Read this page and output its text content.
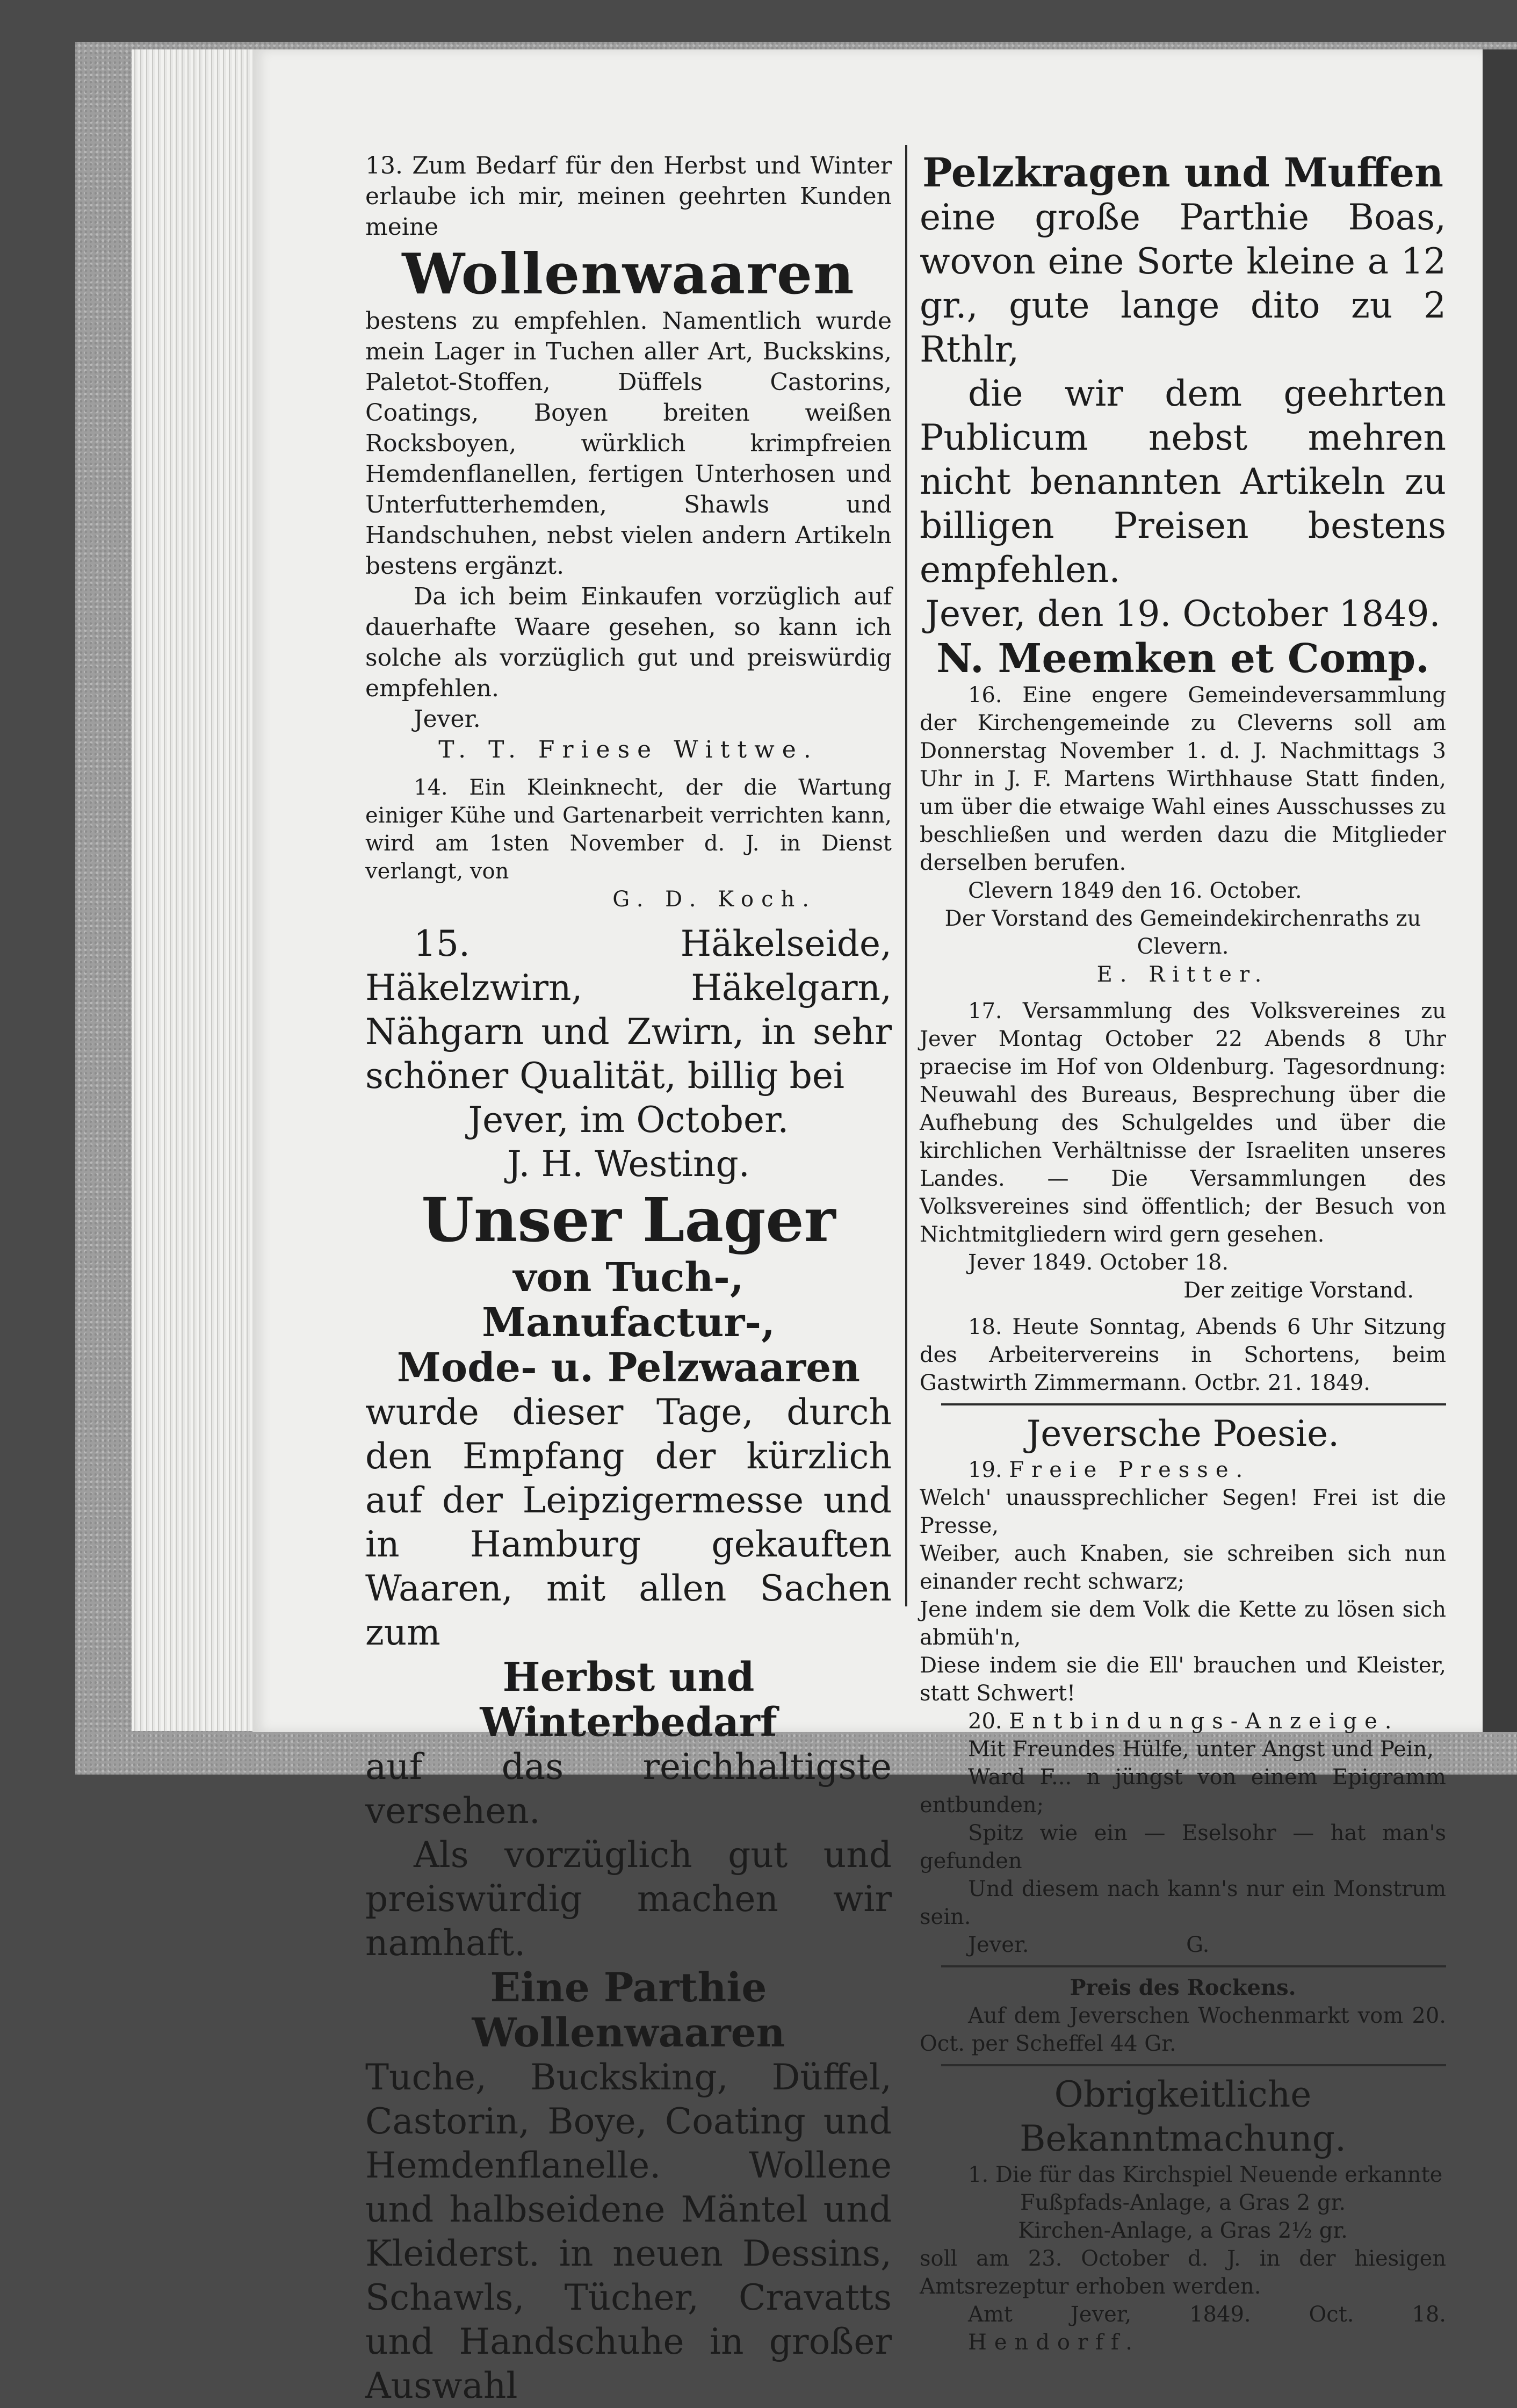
13. Zum Bedarf für den Herbst und Winter erlaube ich mir, meinen geehrten Kunden meine

Wollenwaaren

bestens zu empfehlen. Namentlich wurde mein Lager in Tuchen aller Art, Buckskins, Paletot-Stoffen, Düffels Castorins, Coatings, Boyen breiten weißen Rocksboyen, würklich krimpfreien Hemdenflanellen, fertigen Unterhosen und Unterfutterhemden, Shawls und Handschuhen, nebst vielen andern Artikeln bestens ergänzt.

Da ich beim Einkaufen vorzüglich auf dauerhafte Waare gesehen, so kann ich solche als vorzüglich gut und preiswürdig empfehlen.

Jever.

T. T. Friese Wittwe.

14. Ein Kleinknecht, der die Wartung einiger Kühe und Gartenarbeit verrichten kann, wird am 1sten November d. J. in Dienst verlangt, von

G. D. Koch.

15. Häkelseide, Häkelzwirn, Häkelgarn, Nähgarn und Zwirn, in sehr schöner Qualität, billig bei

Jever, im October.

J. H. Westing.

Unser Lager

von Tuch-, Manufactur-,

Mode- u. Pelzwaaren

wurde dieser Tage, durch den Empfang der kürzlich auf der Leipzigermesse und in Hamburg gekauften Waaren, mit allen Sachen zum

Herbst und Winterbedarf

auf das reichhaltigste versehen.

Als vorzüglich gut und preiswürdig machen wir namhaft.

Eine Parthie Wollenwaaren

Tuche, Bucksking, Düffel, Castorin, Boye, Coating und Hemdenflanelle. Wollene und halbseidene Mäntel und Kleiderst. in neuen Dessins, Schawls, Tücher, Cravatts und Handschuhe in großer Auswahl

Pelzkragen und Muffen

eine große Parthie Boas, wovon eine Sorte kleine a 12 gr., gute lange dito zu 2 Rthlr,

die wir dem geehrten Publicum nebst mehren nicht benannten Artikeln zu billigen Preisen bestens empfehlen.

Jever, den 19. October 1849.

N. Meemken et Comp.

16. Eine engere Gemeindeversammlung der Kirchengemeinde zu Cleverns soll am Donnerstag November 1. d. J. Nachmittags 3 Uhr in J. F. Martens Wirthhause Statt finden, um über die etwaige Wahl eines Ausschusses zu beschließen und werden dazu die Mitglieder derselben berufen.

Clevern 1849 den 16. October.

Der Vorstand des Gemeindekirchenraths zu Clevern.

E. Ritter.

17. Versammlung des Volksvereines zu Jever Montag October 22 Abends 8 Uhr praecise im Hof von Oldenburg. Tagesordnung: Neuwahl des Bureaus, Besprechung über die Aufhebung des Schulgeldes und über die kirchlichen Verhältnisse der Israeliten unseres Landes. — Die Versammlungen des Volksvereines sind öffentlich; der Besuch von Nichtmitgliedern wird gern gesehen.

Jever 1849. October 18.

Der zeitige Vorstand.

18. Heute Sonntag, Abends 6 Uhr Sitzung des Arbeitervereins in Schortens, beim Gastwirth Zimmermann. Octbr. 21. 1849.

Jeversche Poesie.

19. Freie Presse.

Welch' unaussprechlicher Segen! Frei ist die Presse,

Weiber, auch Knaben, sie schreiben sich nun einander recht schwarz;

Jene indem sie dem Volk die Kette zu lösen sich abmüh'n,

Diese indem sie die Ell' brauchen und Kleister, statt Schwert!

20. Entbindungs-Anzeige.

Mit Freundes Hülfe, unter Angst und Pein,

Ward F... n jüngst von einem Epigramm entbunden;

Spitz wie ein — Eselsohr — hat man's gefunden

Und diesem nach kann's nur ein Monstrum sein.

Jever.	G.

Preis des Rockens.

Auf dem Jeverschen Wochenmarkt vom 20. Oct. per Scheffel 44 Gr.

Obrigkeitliche Bekanntmachung.

1. Die für das Kirchspiel Neuende erkannte

Fußpfads-Anlage, a Gras 2 gr.

Kirchen-Anlage, a Gras 2½ gr.

soll am 23. October d. J. in der hiesigen Amtsrezeptur erhoben werden.

Amt Jever, 1849. Oct. 18. Hendorff.
